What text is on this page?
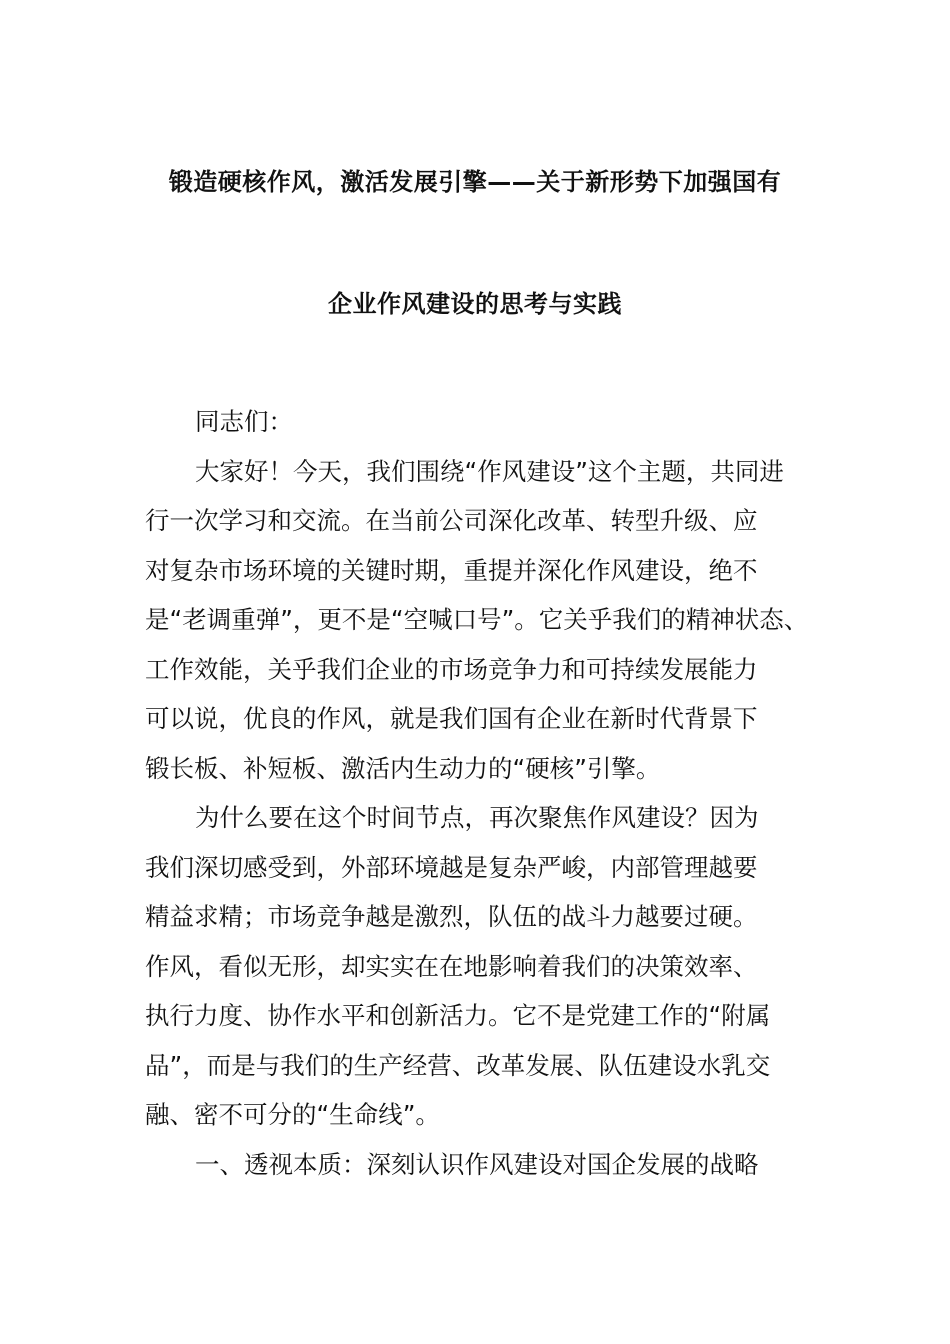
锻造硬核作风，激活发展引擎——关于新形势下加强国有
企业作风建设的思考与实践
同志们：
大家好！今天，我们围绕“作风建设”这个主题，共同进
行一次学习和交流。在当前公司深化改革、转型升级、应
对复杂市场环境的关键时期，重提并深化作风建设，绝不
是“老调重弹”，更不是“空喊口号”。它关乎我们的精神状态、
工作效能，关乎我们企业的市场竞争力和可持续发展能力
可以说，优良的作风，就是我们国有企业在新时代背景下
锻长板、补短板、激活内生动力的“硬核”引擎。
为什么要在这个时间节点，再次聚焦作风建设？因为
我们深切感受到，外部环境越是复杂严峻，内部管理越要
精益求精；市场竞争越是激烈，队伍的战斗力越要过硬。
作风，看似无形，却实实在在地影响着我们的决策效率、
执行力度、协作水平和创新活力。它不是党建工作的“附属
品”，而是与我们的生产经营、改革发展、队伍建设水乳交
融、密不可分的“生命线”。
一、透视本质：深刻认识作风建设对国企发展的战略
